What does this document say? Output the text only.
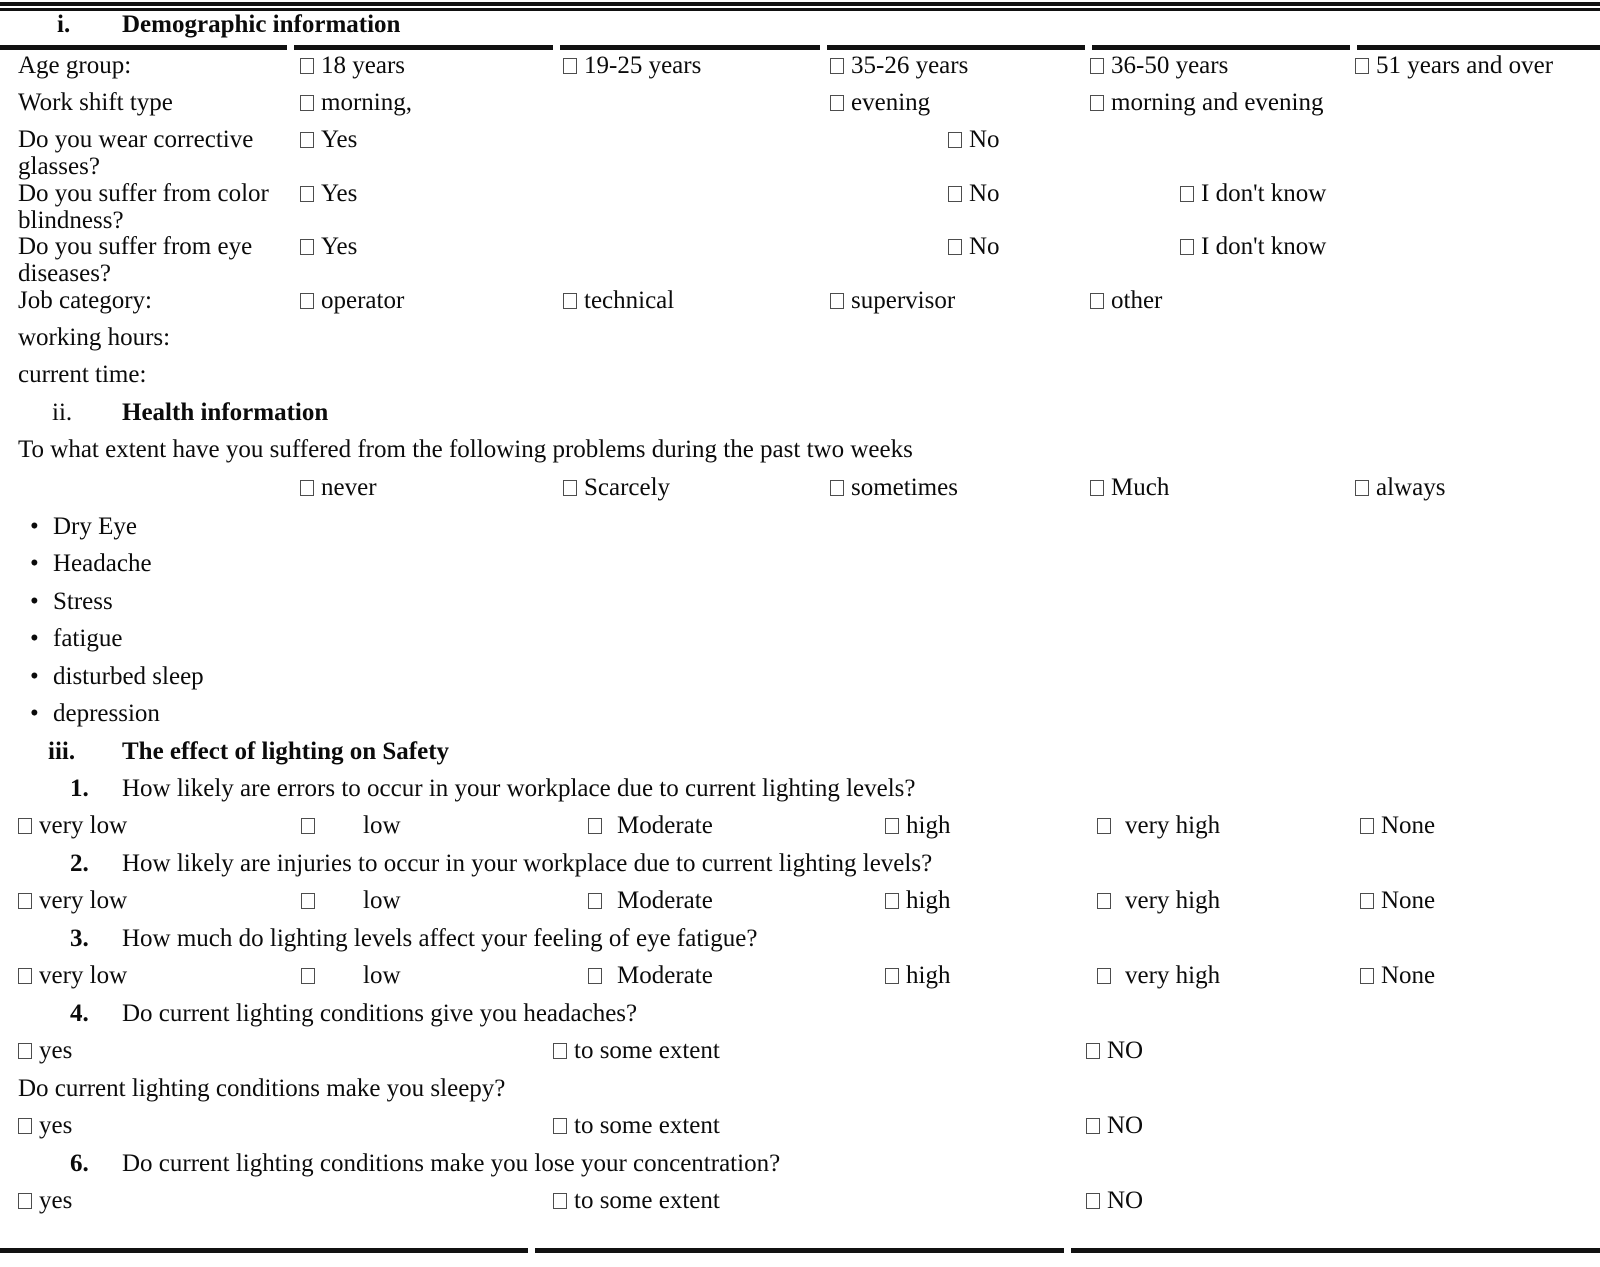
i. Demographic information
Age group:	18 years	19-25 years	35-26 years	36-50 years	51 years and over
Work shift type	morning,	evening	morning and evening
Do you wear corrective glasses?
Yes	No
Do you suffer from color blindness?
Yes	No	I don't know
Do you suffer from eye diseases?
Yes	No	I don't know
Job category:	operator	technical	supervisor	other
working hours:
current time:
ii. Health information
To what extent have you suffered from the following problems during the past two weeks
never	Scarcely	sometimes	Much	always
•
Dry Eye
•
Headache
•
Stress
•
fatigue
•
disturbed sleep
•
depression
iii. The effect of lighting on Safety
1. How likely are errors to occur in your workplace due to current lighting levels?
very low	low	Moderate	high	very high	None
2. How likely are injuries to occur in your workplace due to current lighting levels?
very low	low	Moderate	high	very high	None
3. How much do lighting levels affect your feeling of eye fatigue?
very low	low	Moderate	high	very high	None
4. Do current lighting conditions give you headaches?
yes	to some extent	NO
Do current lighting conditions make you sleepy?
yes	to some extent	NO
6. Do current lighting conditions make you lose your concentration?
yes	to some extent	NO
